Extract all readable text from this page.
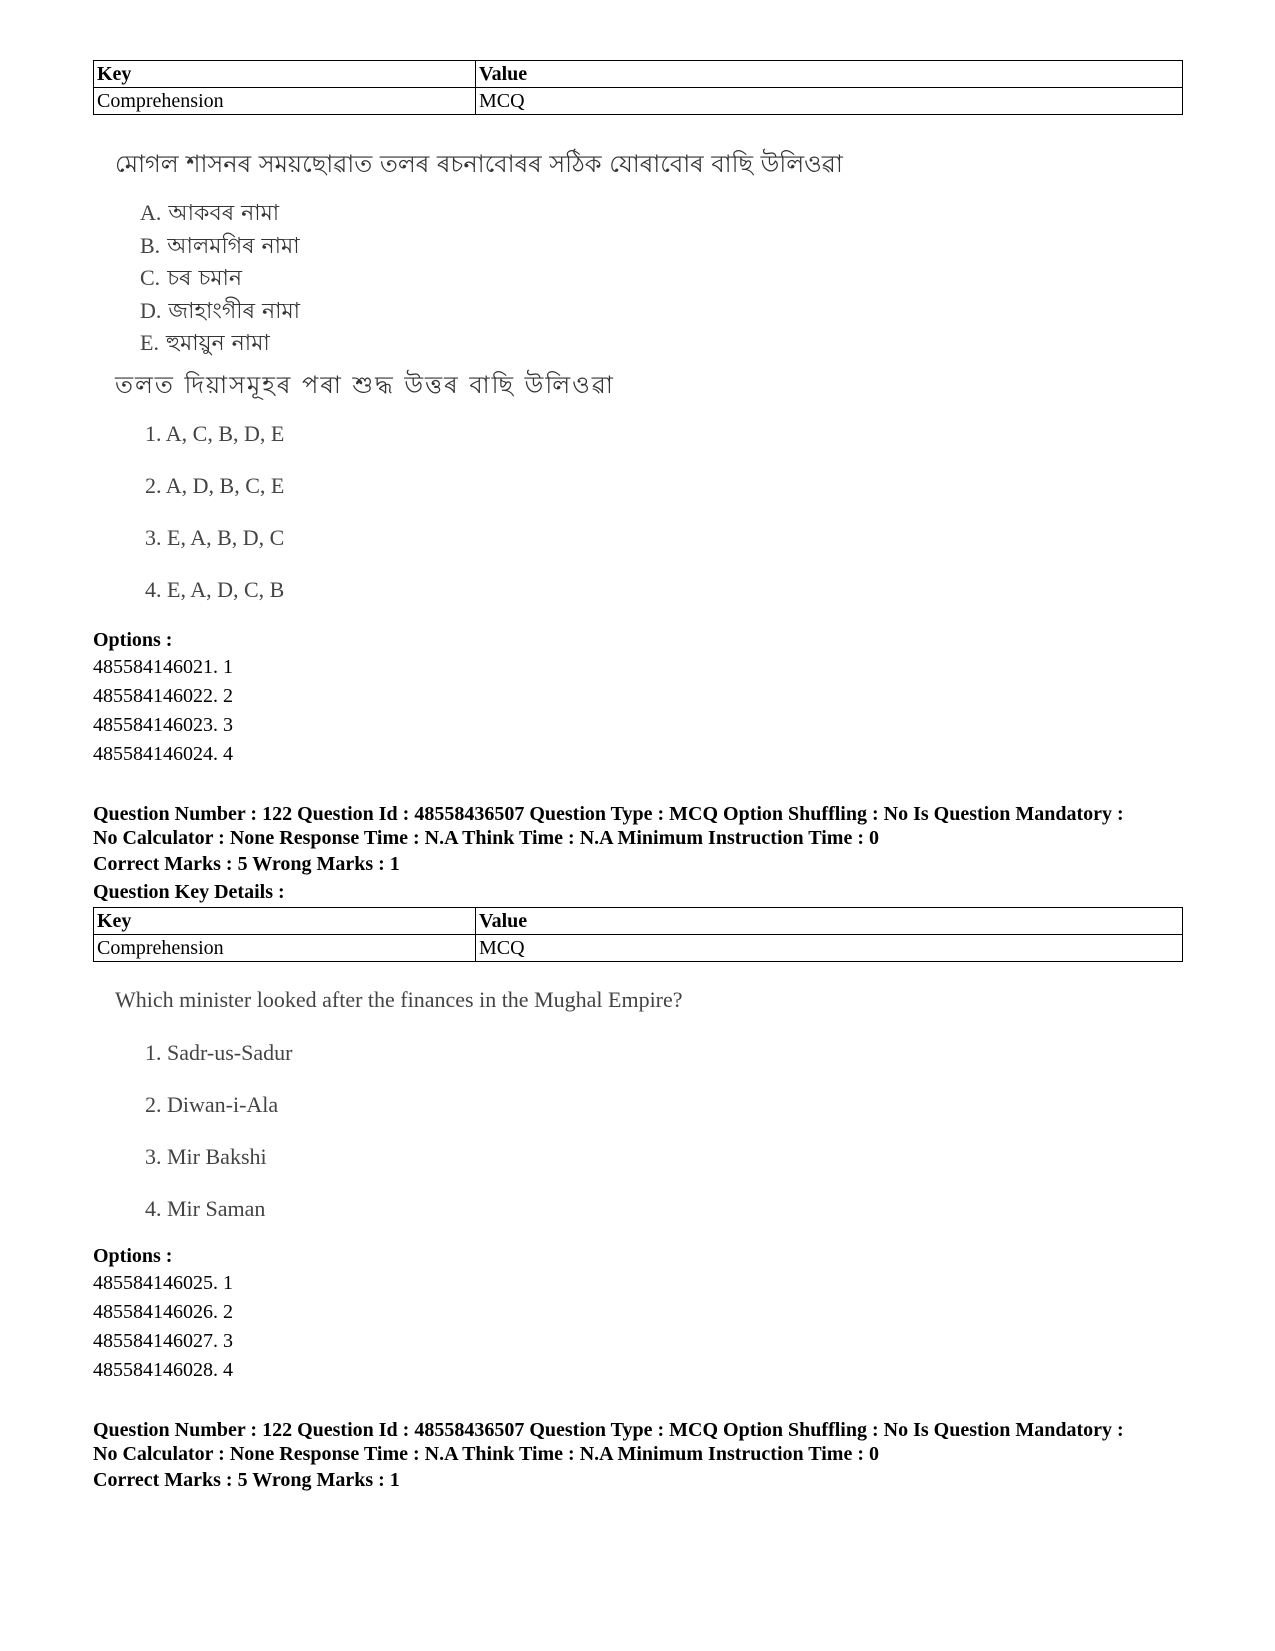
Key	Value
Comprehension	MCQ
মোগল শাসনৰ সময়ছোৱাত তলৰ ৰচনাবোৰৰ সঠিক যোৰাবোৰ বাছি উলিওৱা
A. আকবৰ নামা
B. আলমগিৰ নামা
C. চৰ চমান
D. জাহাংগীৰ নামা
E. হুমায়ুন নামা
তলত দিয়াসমূহৰ পৰা শুদ্ধ উত্তৰ বাছি উলিওৱা
1. A, C, B, D, E
2. A, D, B, C, E
3. E, A, B, D, C
4. E, A, D, C, B
Options :
485584146021. 1
485584146022. 2
485584146023. 3
485584146024. 4
Question Number : 122 Question Id : 48558436507 Question Type : MCQ Option Shuffling : No Is Question Mandatory :
No Calculator : None Response Time : N.A Think Time : N.A Minimum Instruction Time : 0
Correct Marks : 5 Wrong Marks : 1
Question Key Details :
Key	Value
Comprehension	MCQ
Which minister looked after the finances in the Mughal Empire?
1. Sadr-us-Sadur
2. Diwan-i-Ala
3. Mir Bakshi
4. Mir Saman
Options :
485584146025. 1
485584146026. 2
485584146027. 3
485584146028. 4
Question Number : 122 Question Id : 48558436507 Question Type : MCQ Option Shuffling : No Is Question Mandatory :
No Calculator : None Response Time : N.A Think Time : N.A Minimum Instruction Time : 0
Correct Marks : 5 Wrong Marks : 1
